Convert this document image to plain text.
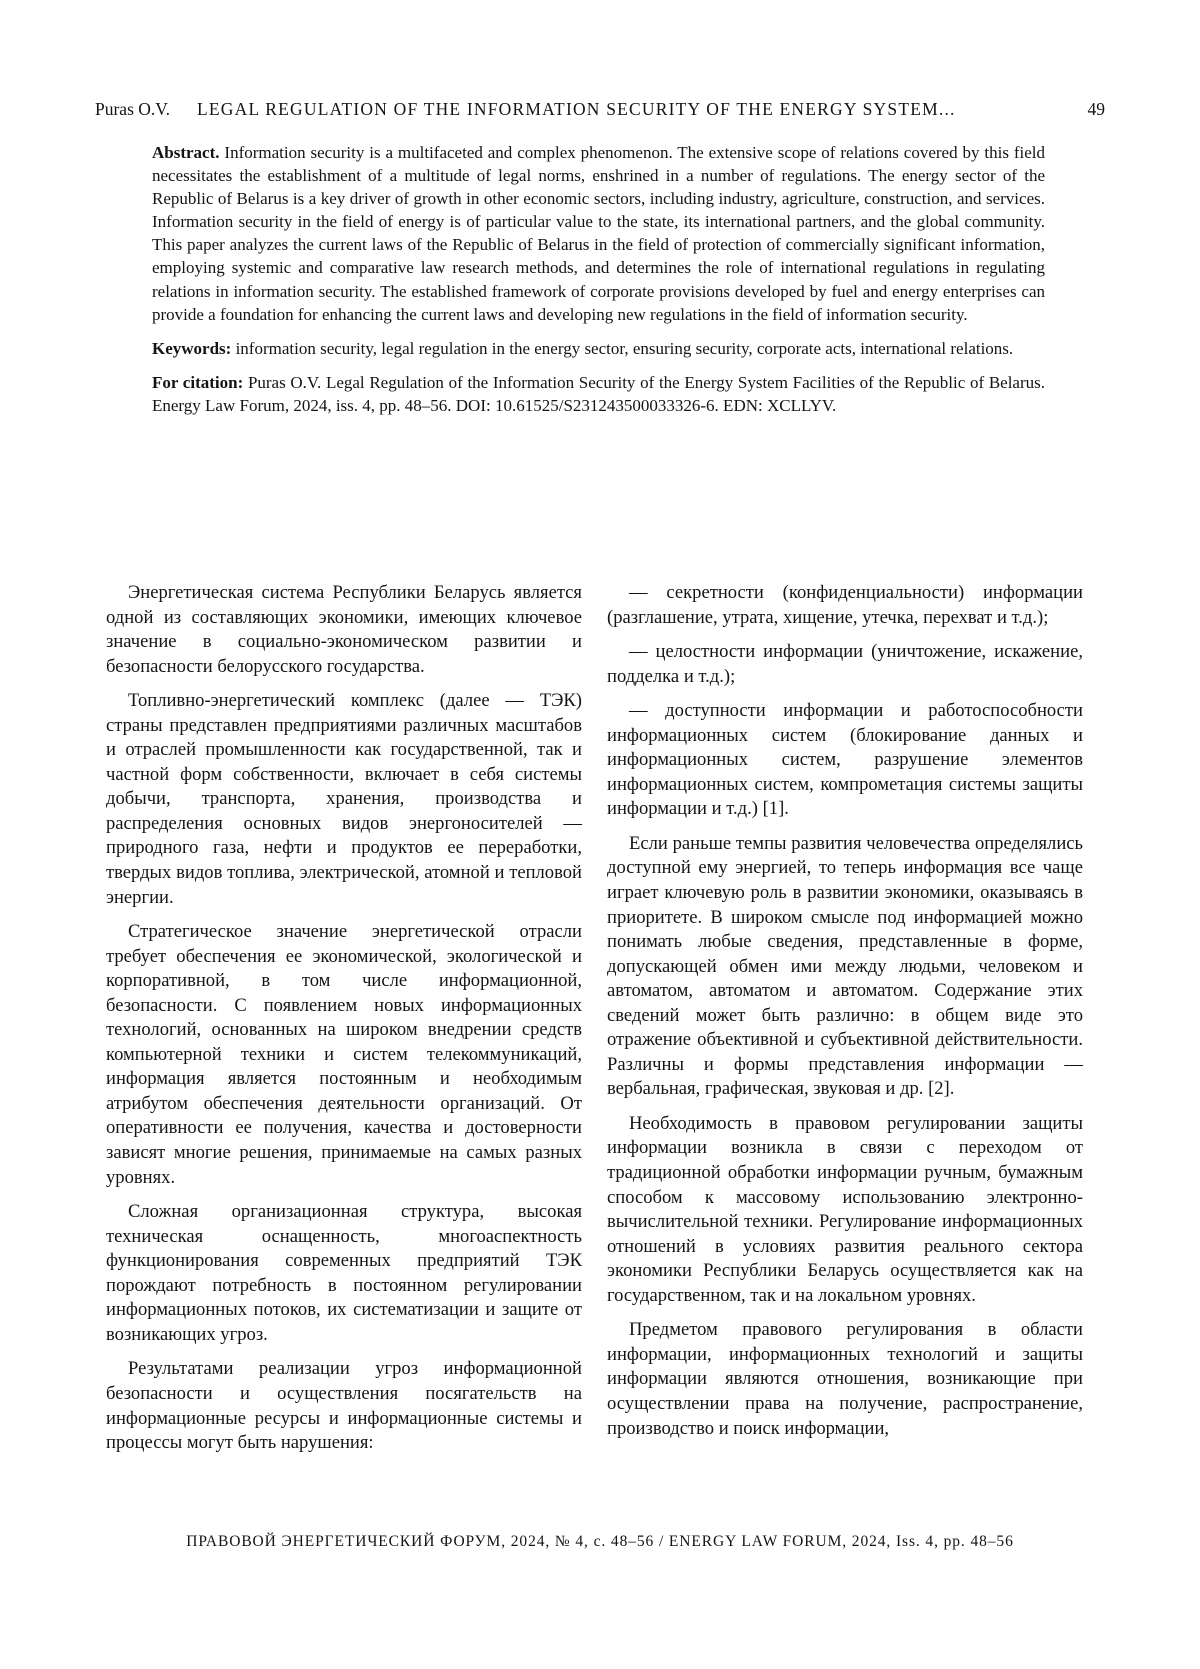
Puras O.V. LEGAL REGULATION OF THE INFORMATION SECURITY OF THE ENERGY SYSTEM...	49

Abstract. Information security is a multifaceted and complex phenomenon. The extensive scope of relations covered by this field necessitates the establishment of a multitude of legal norms, enshrined in a number of regulations. The energy sector of the Republic of Belarus is a key driver of growth in other economic sectors, including industry, agriculture, construction, and services. Information security in the field of energy is of particular value to the state, its international partners, and the global community. This paper analyzes the current laws of the Republic of Belarus in the field of protection of commercially significant information, employing systemic and comparative law research methods, and determines the role of international regulations in regulating relations in information security. The established framework of corporate provisions developed by fuel and energy enterprises can provide a foundation for enhancing the current laws and developing new regulations in the field of information security.

Keywords: information security, legal regulation in the energy sector, ensuring security, corporate acts, international relations.

For citation: Puras O.V. Legal Regulation of the Information Security of the Energy System Facilities of the Republic of Belarus. Energy Law Forum, 2024, iss. 4, pp. 48–56. DOI: 10.61525/S231243500033326-6. EDN: XCLLYV.

Энергетическая система Республики Беларусь является одной из составляющих экономики, имеющих ключевое значение в социально-экономическом развитии и безопасности белорусского государства.

Топливно-энергетический комплекс (далее — ТЭК) страны представлен предприятиями различных масштабов и отраслей промышленности как государственной, так и частной форм собственности, включает в себя системы добычи, транспорта, хранения, производства и распределения основных видов энергоносителей — природного газа, нефти и продуктов ее переработки, твердых видов топлива, электрической, атомной и тепловой энергии.

Стратегическое значение энергетической отрасли требует обеспечения ее экономической, экологической и корпоративной, в том числе информационной, безопасности. С появлением новых информационных технологий, основанных на широком внедрении средств компьютерной техники и систем телекоммуникаций, информация является постоянным и необходимым атрибутом обеспечения деятельности организаций. От оперативности ее получения, качества и достоверности зависят многие решения, принимаемые на самых разных уровнях.

Сложная организационная структура, высокая техническая оснащенность, многоаспектность функционирования современных предприятий ТЭК порождают потребность в постоянном регулировании информационных потоков, их систематизации и защите от возникающих угроз.

Результатами реализации угроз информационной безопасности и осуществления посягательств на информационные ресурсы и информационные системы и процессы могут быть нарушения:

— секретности (конфиденциальности) информации (разглашение, утрата, хищение, утечка, перехват и т.д.);

— целостности информации (уничтожение, искажение, подделка и т.д.);

— доступности информации и работоспособности информационных систем (блокирование данных и информационных систем, разрушение элементов информационных систем, компрометация системы защиты информации и т.д.) [1].

Если раньше темпы развития человечества определялись доступной ему энергией, то теперь информация все чаще играет ключевую роль в развитии экономики, оказываясь в приоритете. В широком смысле под информацией можно понимать любые сведения, представленные в форме, допускающей обмен ими между людьми, человеком и автоматом, автоматом и автоматом. Содержание этих сведений может быть различно: в общем виде это отражение объективной и субъективной действительности. Различны и формы представления информации — вербальная, графическая, звуковая и др. [2].

Необходимость в правовом регулировании защиты информации возникла в связи с переходом от традиционной обработки информации ручным, бумажным способом к массовому использованию электронно-вычислительной техники. Регулирование информационных отношений в условиях развития реального сектора экономики Республики Беларусь осуществляется как на государственном, так и на локальном уровнях.

Предметом правового регулирования в области информации, информационных технологий и защиты информации являются отношения, возникающие при осуществлении права на получение, распространение, производство и поиск информации,

ПРАВОВОЙ ЭНЕРГЕТИЧЕСКИЙ ФОРУМ, 2024, № 4, с. 48–56 / ENERGY LAW FORUM, 2024, Iss. 4, pp. 48–56
